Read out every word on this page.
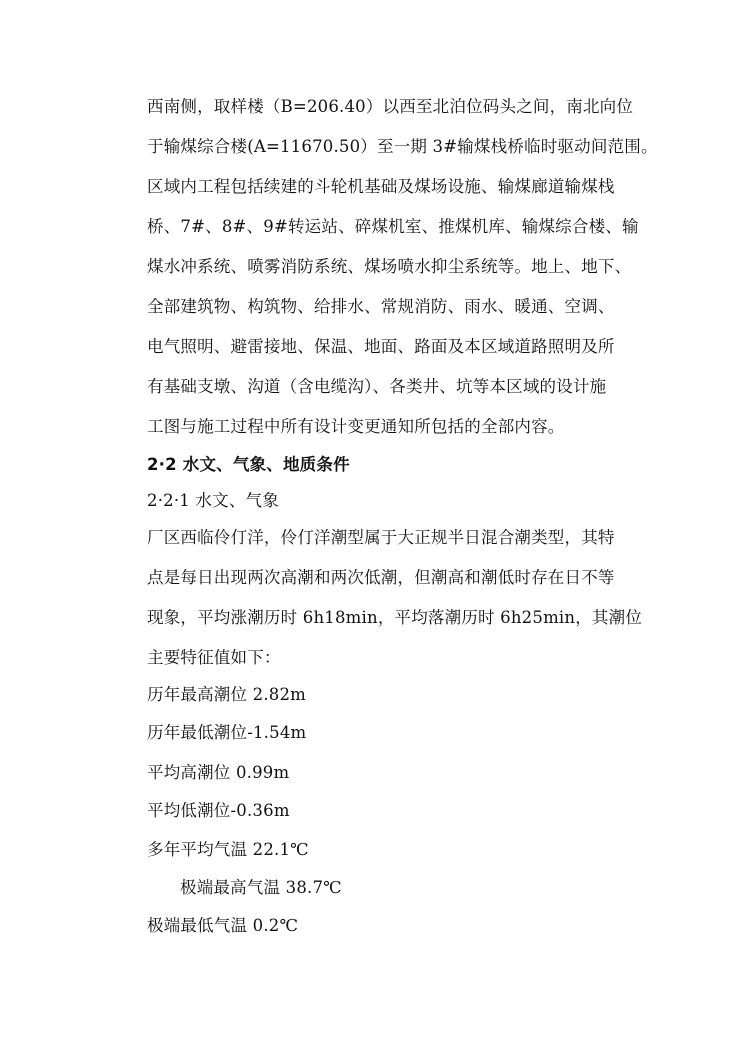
西南侧，取样楼（B=206.40）以西至北泊位码头之间，南北向位
于输煤综合楼(A=11670.50）至一期 3#输煤栈桥临时驱动间范围。
区域内工程包括续建的斗轮机基础及煤场设施、输煤廊道输煤栈
桥、7#、8#、9#转运站、碎煤机室、推煤机库、输煤综合楼、输
煤水冲系统、喷雾消防系统、煤场喷水抑尘系统等。地上、地下、
全部建筑物、构筑物、给排水、常规消防、雨水、暖通、空调、
电气照明、避雷接地、保温、地面、路面及本区域道路照明及所
有基础支墩、沟道（含电缆沟）、各类井、坑等本区域的设计施
工图与施工过程中所有设计变更通知所包括的全部内容。
2·2 水文、气象、地质条件
2·2·1 水文、气象
厂区西临伶仃洋，伶仃洋潮型属于大正规半日混合潮类型，其特
点是每日出现两次高潮和两次低潮，但潮高和潮低时存在日不等
现象，平均涨潮历时 6h18min，平均落潮历时 6h25min，其潮位
主要特征值如下：
历年最高潮位 2.82m
历年最低潮位-1.54m
平均高潮位 0.99m
平均低潮位-0.36m
多年平均气温 22.1℃
极端最高气温 38.7℃
极端最低气温 0.2℃
